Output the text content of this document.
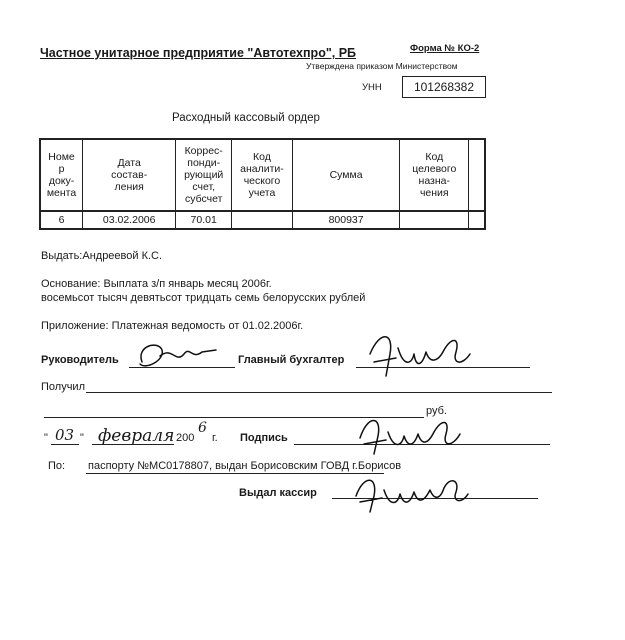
Частное унитарное предприятие "Автотехпро", РБ	Форма № КО-2
Утверждена приказом Министерством
УНН	101268382
Расходный кассовый ордер
Номе
р
доку-
мента	Дата
состав-
ления	Коррес-
понди-
рующий
счет,
субсчет	Код
аналити-
ческого
учета	Сумма	Код
целевого
назна-
чения	
6	03.02.2006	70.01		800937		
Выдать:Андреевой К.С.
Основание: Выплата з/п январь месяц 2006г.
восемьсот тысяч девятьсот тридцать семь белорусских рублей
Приложение: Платежная ведомость от 01.02.2006г.
Руководитель	Главный бухгалтер
Получил
руб.
" 03 " февраля 200
6
г. Подпись
По: паспорту №МС0178807, выдан Борисовским ГОВД г.Борисов
Выдал кассир
